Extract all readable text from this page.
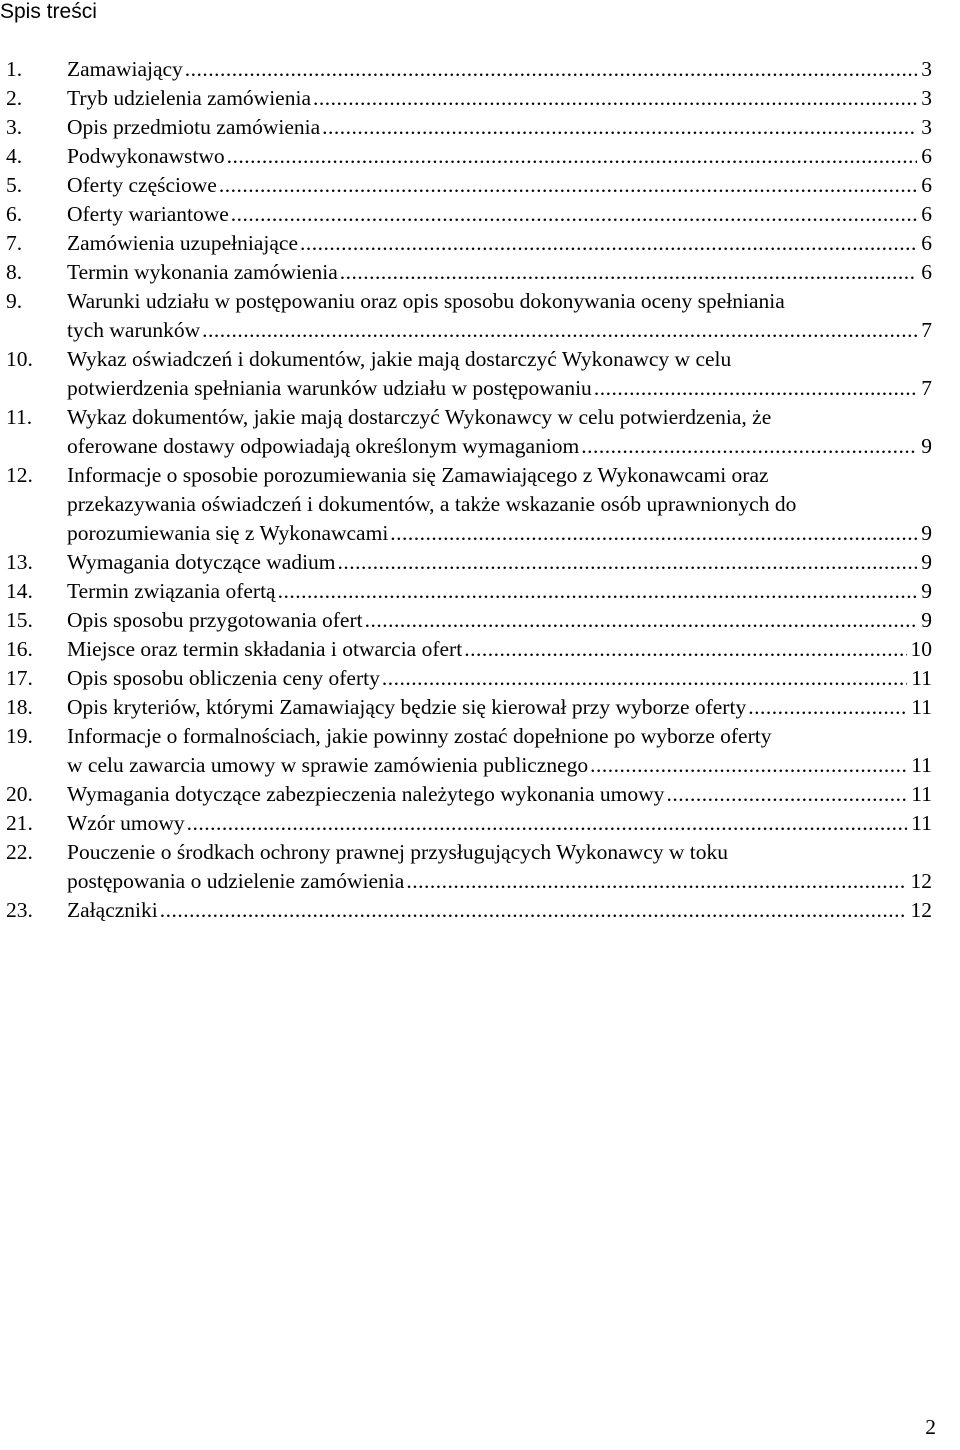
Spis treści
1. Zamawiający .....	3
2. Tryb udzielenia zamówienia .....	3
3. Opis przedmiotu zamówienia .....	3
4. Podwykonawstwo .....	6
5. Oferty częściowe .....	6
6. Oferty wariantowe .....	6
7. Zamówienia uzupełniające .....	6
8. Termin wykonania zamówienia .....	6
9. Warunki udziału w postępowaniu oraz opis sposobu dokonywania oceny spełniania
tych warunków .....	7
10. Wykaz oświadczeń i dokumentów, jakie mają dostarczyć Wykonawcy w celu
potwierdzenia spełniania warunków udziału w postępowaniu .....	7
11. Wykaz dokumentów, jakie mają dostarczyć Wykonawcy w celu potwierdzenia, że
oferowane dostawy odpowiadają określonym wymaganiom .....	9
12. Informacje o sposobie porozumiewania się Zamawiającego z Wykonawcami oraz
przekazywania oświadczeń i dokumentów, a także wskazanie osób uprawnionych do
porozumiewania się z Wykonawcami .....	9
13. Wymagania dotyczące wadium .....	9
14. Termin związania ofertą .....	9
15. Opis sposobu przygotowania ofert .....	9
16. Miejsce oraz termin składania i otwarcia ofert .....	10
17. Opis sposobu obliczenia ceny oferty .....	11
18. Opis kryteriów, którymi Zamawiający będzie się kierował przy wyborze oferty .....	11
19. Informacje o formalnościach, jakie powinny zostać dopełnione po wyborze oferty
w celu zawarcia umowy w sprawie zamówienia publicznego .....	11
20. Wymagania dotyczące zabezpieczenia należytego wykonania umowy .....	11
21. Wzór umowy .....	11
22. Pouczenie o środkach ochrony prawnej przysługujących Wykonawcy w toku
postępowania o udzielenie zamówienia .....	12
23. Załączniki .....	12
2
